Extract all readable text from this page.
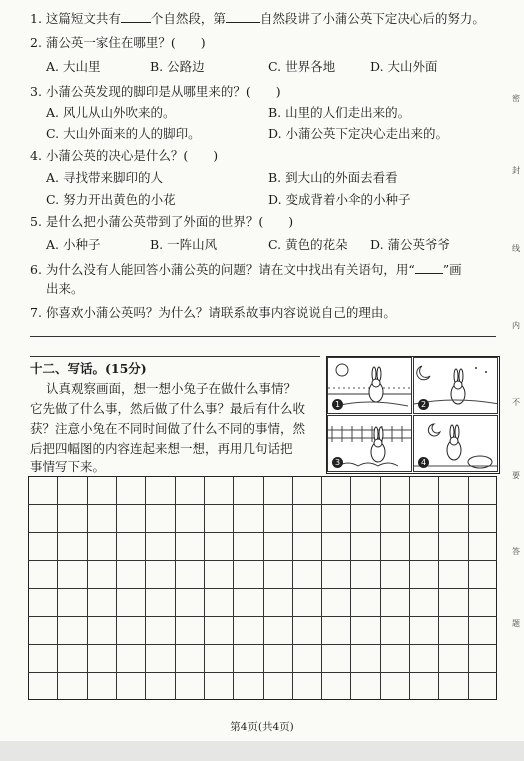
1. 这篇短文共有 个自然段，第	自然段讲了小蒲公英下定决心后的努力。
2. 蒲公英一家住在哪里？(　　)
A. 大山里	B. 公路边	C. 世界各地	D. 大山外面
3. 小蒲公英发现的脚印是从哪里来的？(　　)
A. 风儿从山外吹来的。	B. 山里的人们走出来的。
C. 大山外面来的人的脚印。	D. 小蒲公英下定决心走出来的。
4. 小蒲公英的决心是什么？(　　)
A. 寻找带来脚印的人	B. 到大山的外面去看看
C. 努力开出黄色的小花	D. 变成背着小伞的小种子
5. 是什么把小蒲公英带到了外面的世界？(　　)
A. 小种子	B. 一阵山风	C. 黄色的花朵 D. 蒲公英爷爷
6. 为什么没有人能回答小蒲公英的问题？请在文中找出有关语句，用“ ”画
出来。
7. 你喜欢小蒲公英吗？为什么？请联系故事内容说说自己的理由。
十二、写话。(15分)
认真观察画面，想一想小兔子在做什么事情？
它先做了什么事，然后做了什么事？最后有什么收
获？注意小兔在不同时间做了什么不同的事情，然
后把四幅图的内容连起来想一想，再用几句话把
事情写下来。
1	2
3	4
密
封
线
内
不
要
答
题
第4页(共4页)
